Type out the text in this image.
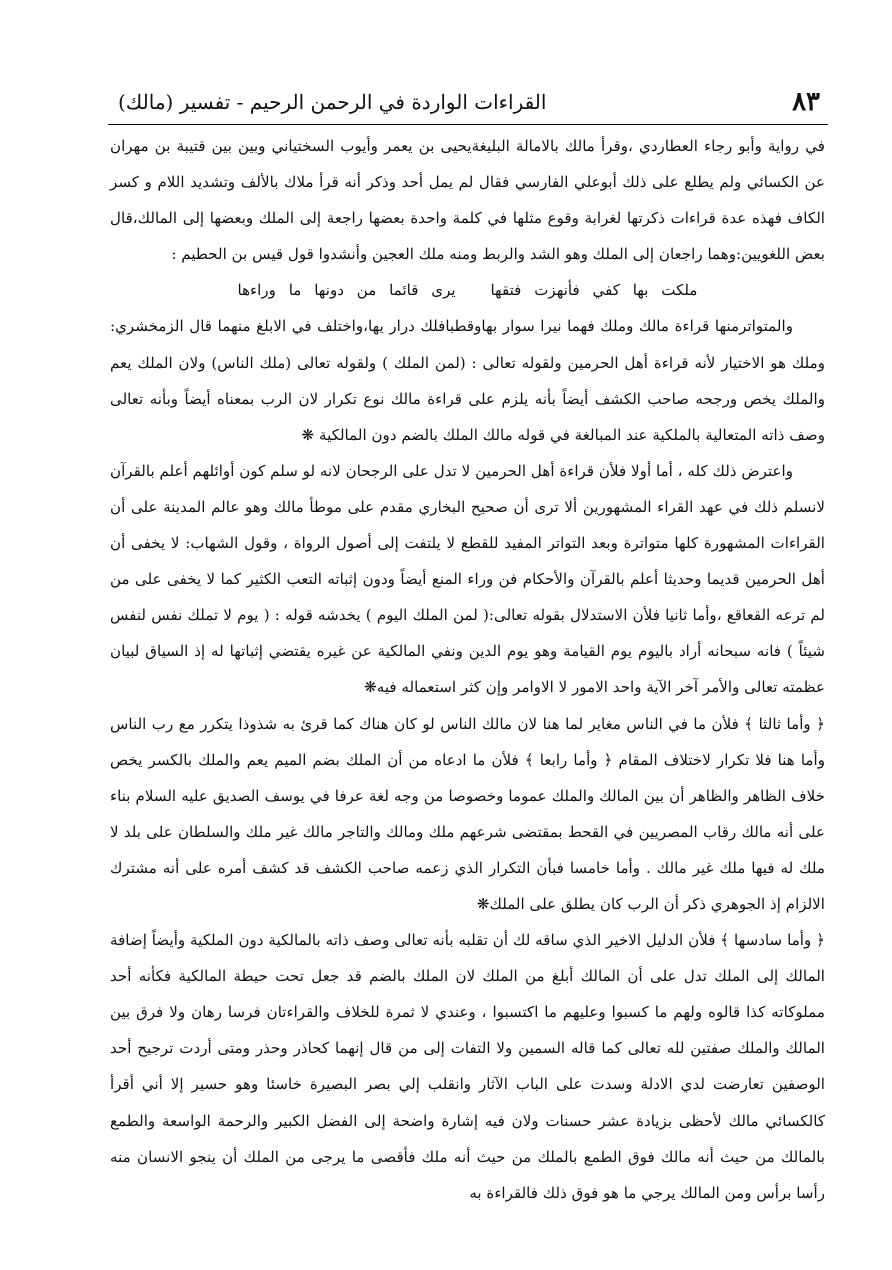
القراءات الواردة في الرحمن الرحيم - تفسير (مالك)	٨٣

في رواية وأبو رجاء العطاردي ،وقرأ مالك بالامالة البليغةيحيى بن يعمر وأيوب السختياني وبين بين قتيبة بن مهران عن الكسائي ولم يطلع على ذلك أبوعلي الفارسي فقال لم يمل أحد وذكر أنه قرأ ملاك بالألف وتشديد اللام و كسر الكاف فهذه عدة قراءات ذكرتها لغرابة وقوع مثلها في كلمة واحدة بعضها راجعة إلى الملك وبعضها إلى المالك،قال بعض اللغويين:وهما راجعان إلى الملك وهو الشد والربط ومنه ملك العجين وأنشدوا قول قيس بن الحطيم :

ملكت بها كفي فأنهزت فتقها يرى قائما من دونها ما وراءها

والمتواترمنها قراءة مالك وملك فهما نيرا سوار بهاوقطبافلك درار يها،واختلف في الابلغ منهما قال الزمخشري: وملك هو الاختيار لأنه قراءة أهل الحرمين ولقوله تعالى : (لمن الملك ) ولقوله تعالى (ملك الناس) ولان الملك يعم والملك يخص ورجحه صاحب الكشف أيضاً بأنه يلزم على قراءة مالك نوع تكرار لان الرب بمعناه أيضاً وبأنه تعالى وصف ذاته المتعالية بالملكية عند المبالغة في قوله مالك الملك بالضم دون المالكية ❋

واعترض ذلك كله ، أما أولا فلأن قراءة أهل الحرمين لا تدل على الرجحان لانه لو سلم كون أوائلهم أعلم بالقرآن لانسلم ذلك في عهد القراء المشهورين ألا ترى أن صحيح البخاري مقدم على موطأ مالك وهو عالم المدينة على أن القراءات المشهورة كلها متواترة وبعد التواتر المفيد للقطع لا يلتفت إلى أصول الرواة ، وقول الشهاب: لا يخفى أن أهل الحرمين قديما وحديثا أعلم بالقرآن والأحكام فن وراء المنع أيضاً ودون إثباته التعب الكثير كما لا يخفى على من لم ترعه القعاقع ،وأما ثانيا فلأن الاستدلال بقوله تعالى:( لمن الملك اليوم ) يخدشه قوله : ( يوم لا تملك نفس لنفس شيئاً ) فانه سبحانه أراد باليوم يوم القيامة وهو يوم الدين ونفي المالكية عن غيره يقتضي إثباتها له إذ السياق لبيان عظمته تعالى والأمر آخر الآية واحد الامور لا الاوامر وإن كثر استعماله فيه❋

﴿ وأما ثالثا ﴾ فلأن ما في الناس مغاير لما هنا لان مالك الناس لو كان هناك كما قرئ به شذوذا يتكرر مع رب الناس وأما هنا فلا تكرار لاختلاف المقام ﴿ وأما رابعا ﴾ فلأن ما ادعاه من أن الملك بضم الميم يعم والملك بالكسر يخص خلاف الظاهر والظاهر أن بين المالك والملك عموما وخصوصا من وجه لغة عرفا في يوسف الصديق عليه السلام بناء على أنه مالك رقاب المصريين في القحط بمقتضى شرعهم ملك ومالك والتاجر مالك غير ملك والسلطان على بلد لا ملك له فيها ملك غير مالك . وأما خامسا فبأن التكرار الذي زعمه صاحب الكشف قد كشف أمره على أنه مشترك الالزام إذ الجوهري ذكر أن الرب كان يطلق على الملك❋

﴿ وأما سادسها ﴾ فلأن الدليل الاخير الذي ساقه لك أن تقلبه بأنه تعالى وصف ذاته بالمالكية دون الملكية وأيضاً إضافة المالك إلى الملك تدل على أن المالك أبلغ من الملك لان الملك بالضم قد جعل تحت حيطة المالكية فكأنه أحد مملوكاته كذا قالوه ولهم ما كسبوا وعليهم ما اكتسبوا ، وعندي لا ثمرة للخلاف والقراءتان فرسا رهان ولا فرق بين المالك والملك صفتين لله تعالى كما قاله السمين ولا التفات إلى من قال إنهما كحاذر وحذر ومتى أردت ترجيح أحد الوصفين تعارضت لدي الادلة وسدت على الباب الآثار وانقلب إلي بصر البصيرة خاسئا وهو حسير إلا أني أقرأ كالكسائي مالك لأحظى بزيادة عشر حسنات ولان فيه إشارة واضحة إلى الفضل الكبير والرحمة الواسعة والطمع بالمالك من حيث أنه مالك فوق الطمع بالملك من حيث أنه ملك فأقصى ما يرجى من الملك أن ينجو الانسان منه رأسا برأس ومن المالك يرجي ما هو فوق ذلك فالقراءة به
